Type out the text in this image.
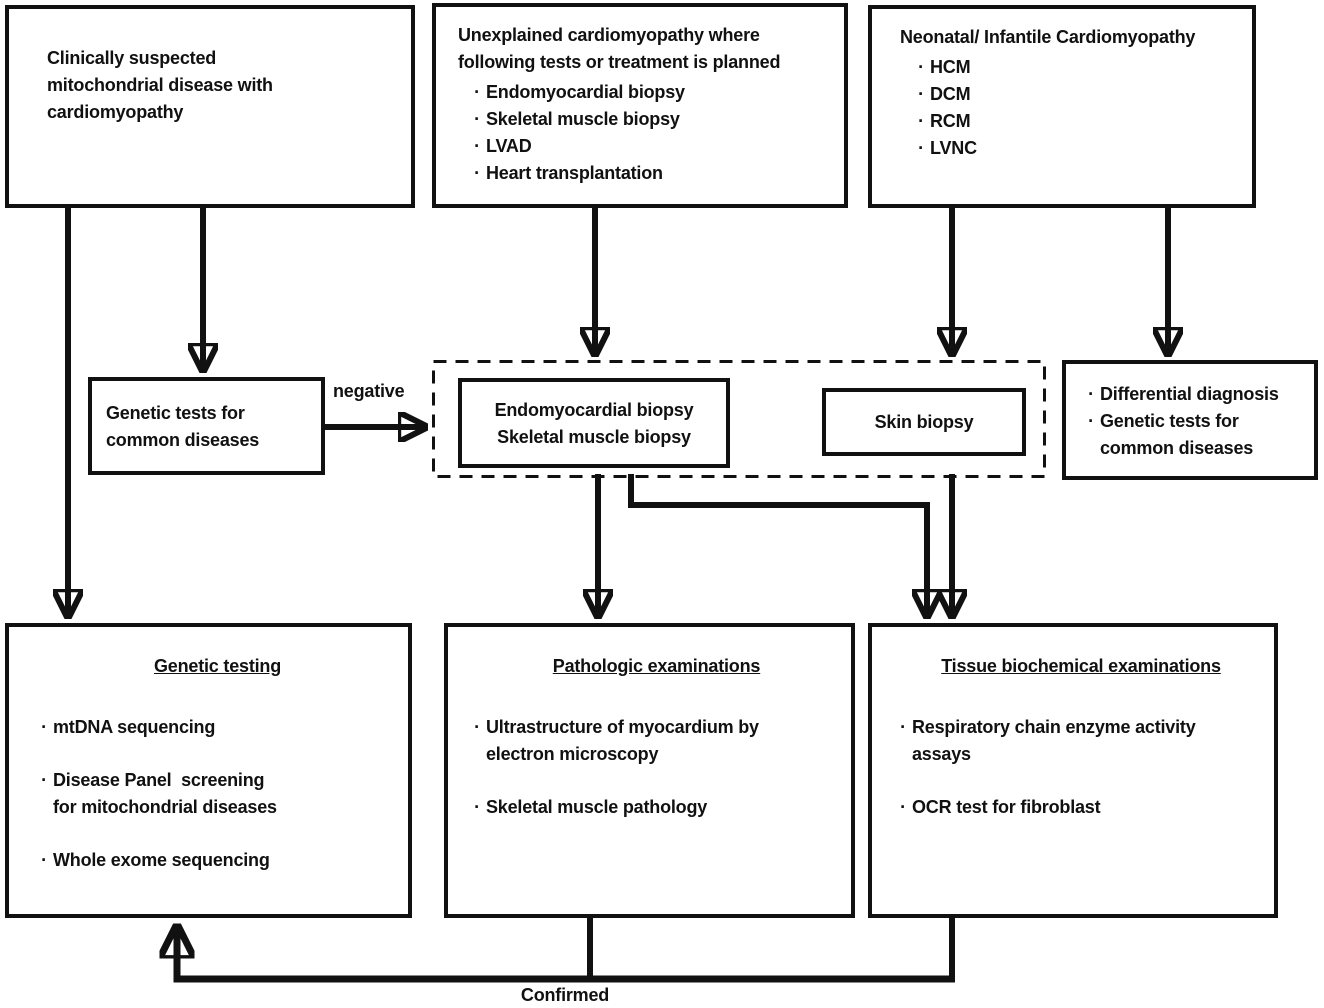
Clinically suspected
mitochondrial disease with
cardiomyopathy
Unexplained cardiomyopathy where
following tests or treatment is planned
·
Endomyocardial biopsy
·
Skeletal muscle biopsy
·
LVAD
·
Heart transplantation
Neonatal/ Infantile Cardiomyopathy
·
HCM
·
DCM
·
RCM
·
LVNC
Genetic tests for
common diseases
negative
Endomyocardial biopsy
Skeletal muscle biopsy
Skin biopsy
·
Differential diagnosis
·
Genetic tests for
common diseases
Genetic testing
·
mtDNA sequencing
·
Disease Panel  screening
for mitochondrial diseases
·
Whole exome sequencing
Pathologic examinations
·
Ultrastructure of myocardium by
electron microscopy
·
Skeletal muscle pathology
Tissue biochemical examinations
·
Respiratory chain enzyme activity
assays
·
OCR test for fibroblast
Confirmed
